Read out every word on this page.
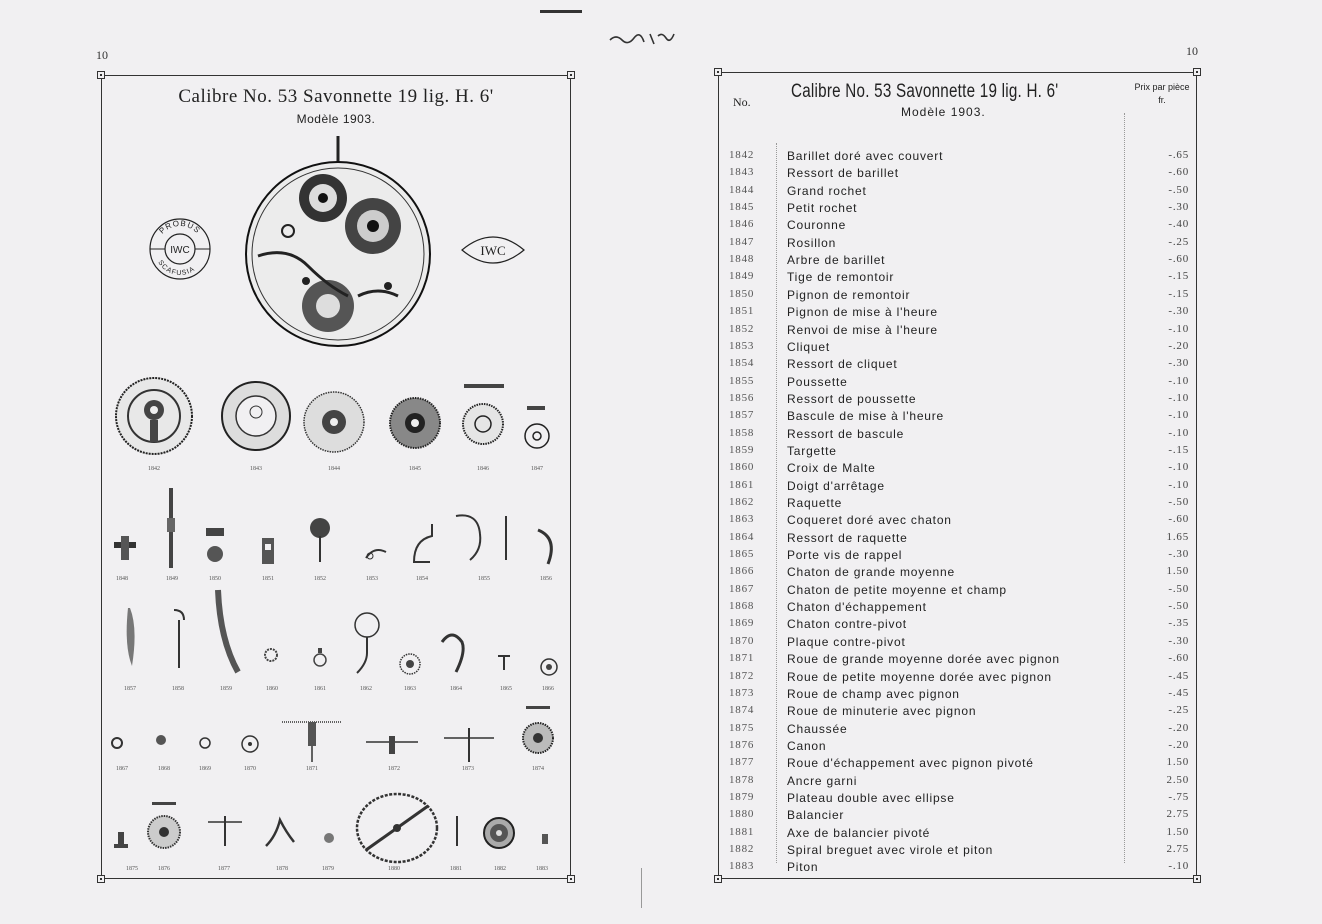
10
Calibre No. 53 Savonnette 19 lig. H. 6'
Modèle 1903.
PROBUS
IWC
SCAFUSIA
IWC
1842	1843	1844	1845	1846	1847
1848	1849	1850	1851	1852	1853	1854	1855	1856
1857	1858	1859	1860	1861	1862	1863	1864	1865	1866
1867	1868	1869	1870	1871	1872	1873	1874
1875	1876	1877	1878	1879	1880	1881	1882	1883
10
No. Calibre No. 53 Savonnette 19 lig. H. 6'
Modèle 1903.
Prix par pièce
fr.
1842	Barillet doré avec couvert	-.65
1843	Ressort de barillet	-.60
1844	Grand rochet	-.50
1845	Petit rochet	-.30
1846	Couronne	-.40
1847	Rosillon	-.25
1848	Arbre de barillet	-.60
1849	Tige de remontoir	-.15
1850	Pignon de remontoir	-.15
1851	Pignon de mise à l'heure	-.30
1852	Renvoi de mise à l'heure	-.10
1853	Cliquet	-.20
1854	Ressort de cliquet	-.30
1855	Poussette	-.10
1856	Ressort de poussette	-.10
1857	Bascule de mise à l'heure	-.10
1858	Ressort de bascule	-.10
1859	Targette	-.15
1860	Croix de Malte	-.10
1861	Doigt d'arrêtage	-.10
1862	Raquette	-.50
1863	Coqueret doré avec chaton	-.60
1864	Ressort de raquette	1.65
1865	Porte vis de rappel	-.30
1866	Chaton de grande moyenne	1.50
1867	Chaton de petite moyenne et champ	-.50
1868	Chaton d'échappement	-.50
1869	Chaton contre-pivot	-.35
1870	Plaque contre-pivot	-.30
1871	Roue de grande moyenne dorée avec pignon	-.60
1872	Roue de petite moyenne dorée avec pignon	-.45
1873	Roue de champ avec pignon	-.45
1874	Roue de minuterie avec pignon	-.25
1875	Chaussée	-.20
1876	Canon	-.20
1877	Roue d'échappement avec pignon pivoté	1.50
1878	Ancre garni	2.50
1879	Plateau double avec ellipse	-.75
1880	Balancier	2.75
1881	Axe de balancier pivoté	1.50
1882	Spiral breguet avec virole et piton	2.75
1883	Piton	-.10
